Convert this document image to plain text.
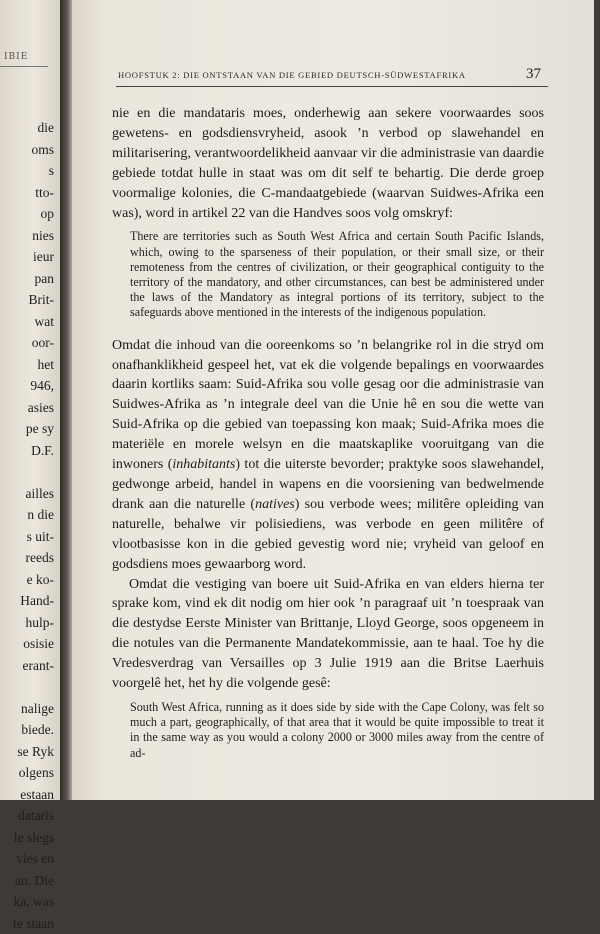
IBIE
die
oms
s
tto-
op
nies
ieur
pan
Brit-
wat
oor-
het
946,
asies
pe sy
D.F.

ailles
n die
s uit-
reeds
e ko-
Hand-
hulp-
osisie
erant-

nalige
biede.
se Ryk
olgens
estaan
dataris
le slegs
vies en
an. Die
ka, was
te staan
HOOFSTUK 2: DIE ONTSTAAN VAN DIE GEBIED DEUTSCH-SÜDWESTAFRIKA	37

nie en die mandataris moes, onderhewig aan sekere voorwaardes soos gewetens- en godsdiensvryheid, asook ’n verbod op slawehandel en militarisering, verantwoordelikheid aanvaar vir die administrasie van daardie gebiede totdat hulle in staat was om dit self te behartig. Die derde groep voormalige kolonies, die C-mandaatgebiede (waarvan Suidwes-Afrika een was), word in artikel 22 van die Handves soos volg omskryf:

There are territories such as South West Africa and certain South Pacific Islands, which, owing to the sparseness of their population, or their small size, or their remoteness from the centres of civilization, or their geographical contiguity to the territory of the mandatory, and other circumstances, can best be administered under the laws of the Mandatory as integral portions of its territory, subject to the safeguards above mentioned in the interests of the indigenous population.

Omdat die inhoud van die ooreenkoms so ’n belangrike rol in die stryd om onafhanklikheid gespeel het, vat ek die volgende bepalings en voorwaardes daarin kortliks saam: Suid-Afrika sou volle gesag oor die administrasie van Suidwes-Afrika as ’n integrale deel van die Unie hê en sou die wette van Suid-Afrika op die gebied van toepassing kon maak; Suid-Afrika moes die materiële en morele welsyn en die maatskaplike vooruitgang van die inwoners (inhabitants) tot die uiterste bevorder; praktyke soos slawehandel, gedwonge arbeid, handel in wapens en die voorsiening van bedwelmende drank aan die naturelle (natives) sou verbode wees; militêre opleiding van naturelle, behalwe vir polisiediens, was verbode en geen militêre of vlootbasisse kon in die gebied gevestig word nie; vryheid van geloof en godsdiens moes gewaarborg word.

Omdat die vestiging van boere uit Suid-Afrika en van elders hierna ter sprake kom, vind ek dit nodig om hier ook ’n paragraaf uit ’n toespraak van die destydse Eerste Minister van Brittanje, Lloyd George, soos opgeneem in die notules van die Permanente Mandatekommissie, aan te haal. Toe hy die Vredesverdrag van Versailles op 3 Julie 1919 aan die Britse Laerhuis voorgelê het, het hy die volgende gesê:

South West Africa, running as it does side by side with the Cape Colony, was felt so much a part, geographically, of that area that it would be quite impossible to treat it in the same way as you would a colony 2000 or 3000 miles away from the centre of ad-
